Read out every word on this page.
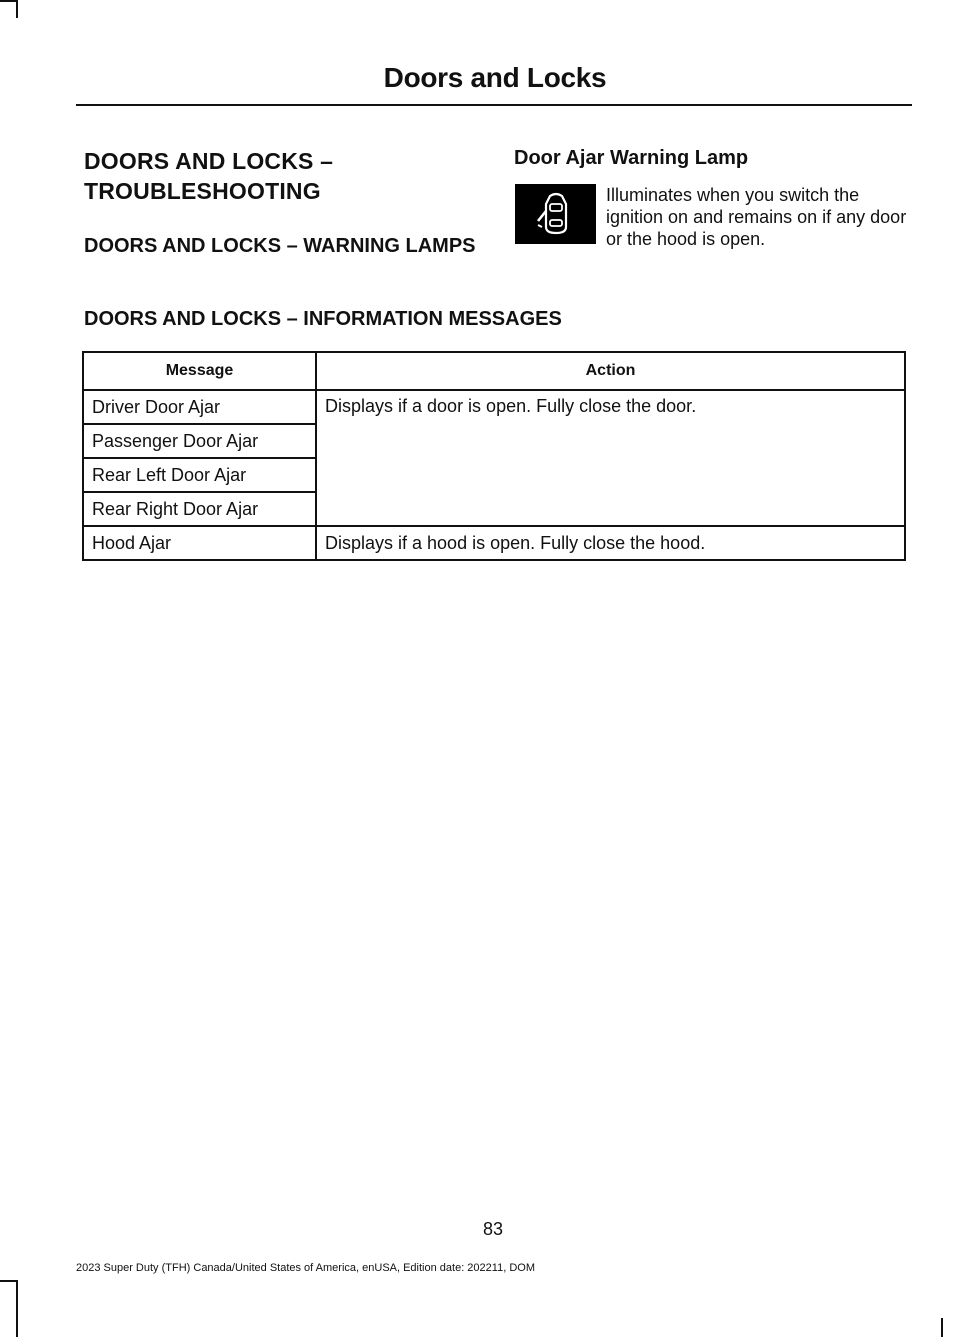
Doors and Locks
DOORS AND LOCKS –
TROUBLESHOOTING
DOORS AND LOCKS – WARNING LAMPS
Door Ajar Warning Lamp

Illuminates when you switch the ignition on and remains on if any door or the hood is open.

DOORS AND LOCKS – INFORMATION MESSAGES
Message	Action
Driver Door Ajar	Displays if a door is open. Fully close the door.
Passenger Door Ajar	
Rear Left Door Ajar	
Rear Right Door Ajar	
Hood Ajar	Displays if a hood is open. Fully close the hood.
83
2023 Super Duty (TFH) Canada/United States of America, enUSA, Edition date: 202211, DOM
